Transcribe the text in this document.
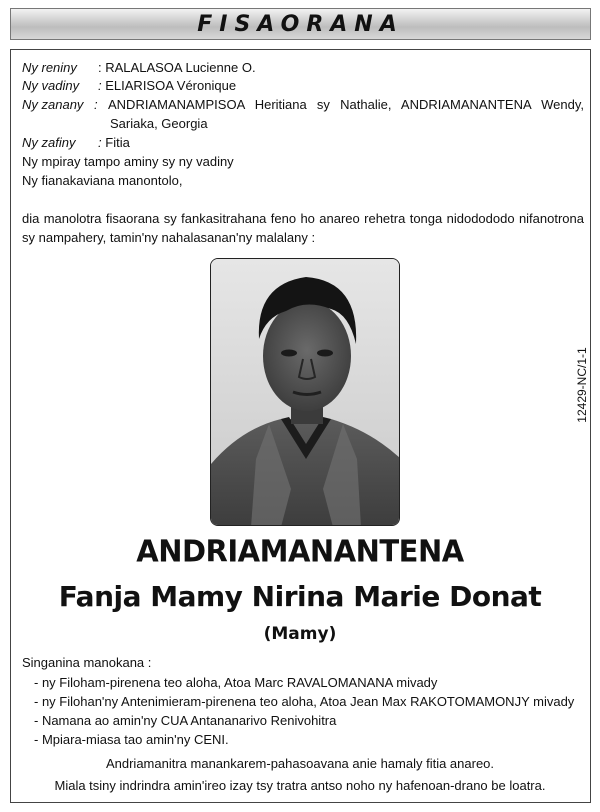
FISAORANA
Ny reniny : RALALASOA Lucienne O.
Ny vadiny : ELIARISOA Véronique
Ny zanany : ANDRIAMANAMPISOA Heritiana sy Nathalie, ANDRIAMANANTENA Wendy,
Sariaka, Georgia
Ny zafiny : Fitia
Ny mpiray tampo aminy sy ny vadiny
Ny fianakaviana manontolo,
dia manolotra fisaorana sy fankasitrahana feno ho anareo rehetra tonga nidodododo nifanotrona
sy nampahery, tamin'ny nahalasanan'ny malalany :
12429-NC/1-1
ANDRIAMANANTENA
Fanja Mamy Nirina Marie Donat
(Mamy)
Singanina manokana :
- ny Filoham-pirenena teo aloha, Atoa Marc RAVALOMANANA mivady
- ny Filohan'ny Antenimieram-pirenena teo aloha, Atoa Jean Max RAKOTOMAMONJY mivady
- Namana ao amin'ny CUA Antananarivo Renivohitra
- Mpiara-miasa tao amin'ny CENI.
Andriamanitra manankarem-pahasoavana anie hamaly fitia anareo.
Miala tsiny indrindra amin'ireo izay tsy tratra antso noho ny hafenoan-drano be loatra.
